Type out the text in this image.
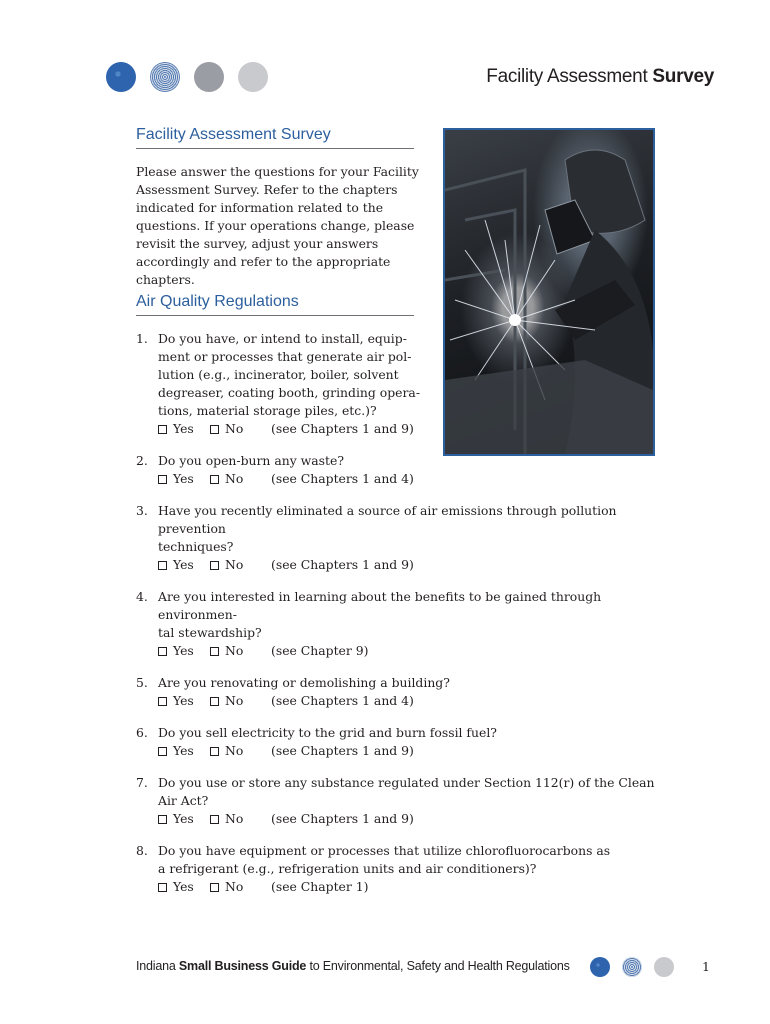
Facility Assessment Survey
Facility Assessment Survey

Please answer the questions for your Facility Assessment Survey. Refer to the chapters indicated for information related to the questions. If your operations change, please revisit the survey, adjust your answers accordingly and refer to the appropriate chapters.

Air Quality Regulations
1. Do you have, or intend to install, equip-
ment or processes that generate air pol-
lution (e.g., incinerator, boiler, solvent
degreaser, coating booth, grinding opera-
tions, material storage piles, etc.)?
Yes	No (see Chapters 1 and 9)
2. Do you open-burn any waste?
Yes	No (see Chapters 1 and 4)
3. Have you recently eliminated a source of air emissions through pollution prevention
techniques?
Yes	No (see Chapters 1 and 9)
4. Are you interested in learning about the benefits to be gained through environmen-
tal stewardship?
Yes	No (see Chapter 9)
5. Are you renovating or demolishing a building?
Yes	No (see Chapters 1 and 4)
6. Do you sell electricity to the grid and burn fossil fuel?
Yes	No (see Chapters 1 and 9)
7. Do you use or store any substance regulated under Section 112(r) of the Clean Air Act?
Yes	No (see Chapters 1 and 9)
8. Do you have equipment or processes that utilize chlorofluorocarbons as
a refrigerant (e.g., refrigeration units and air conditioners)?
Yes	No (see Chapter 1)
Indiana Small Business Guide to Environmental, Safety and Health Regulations	1
